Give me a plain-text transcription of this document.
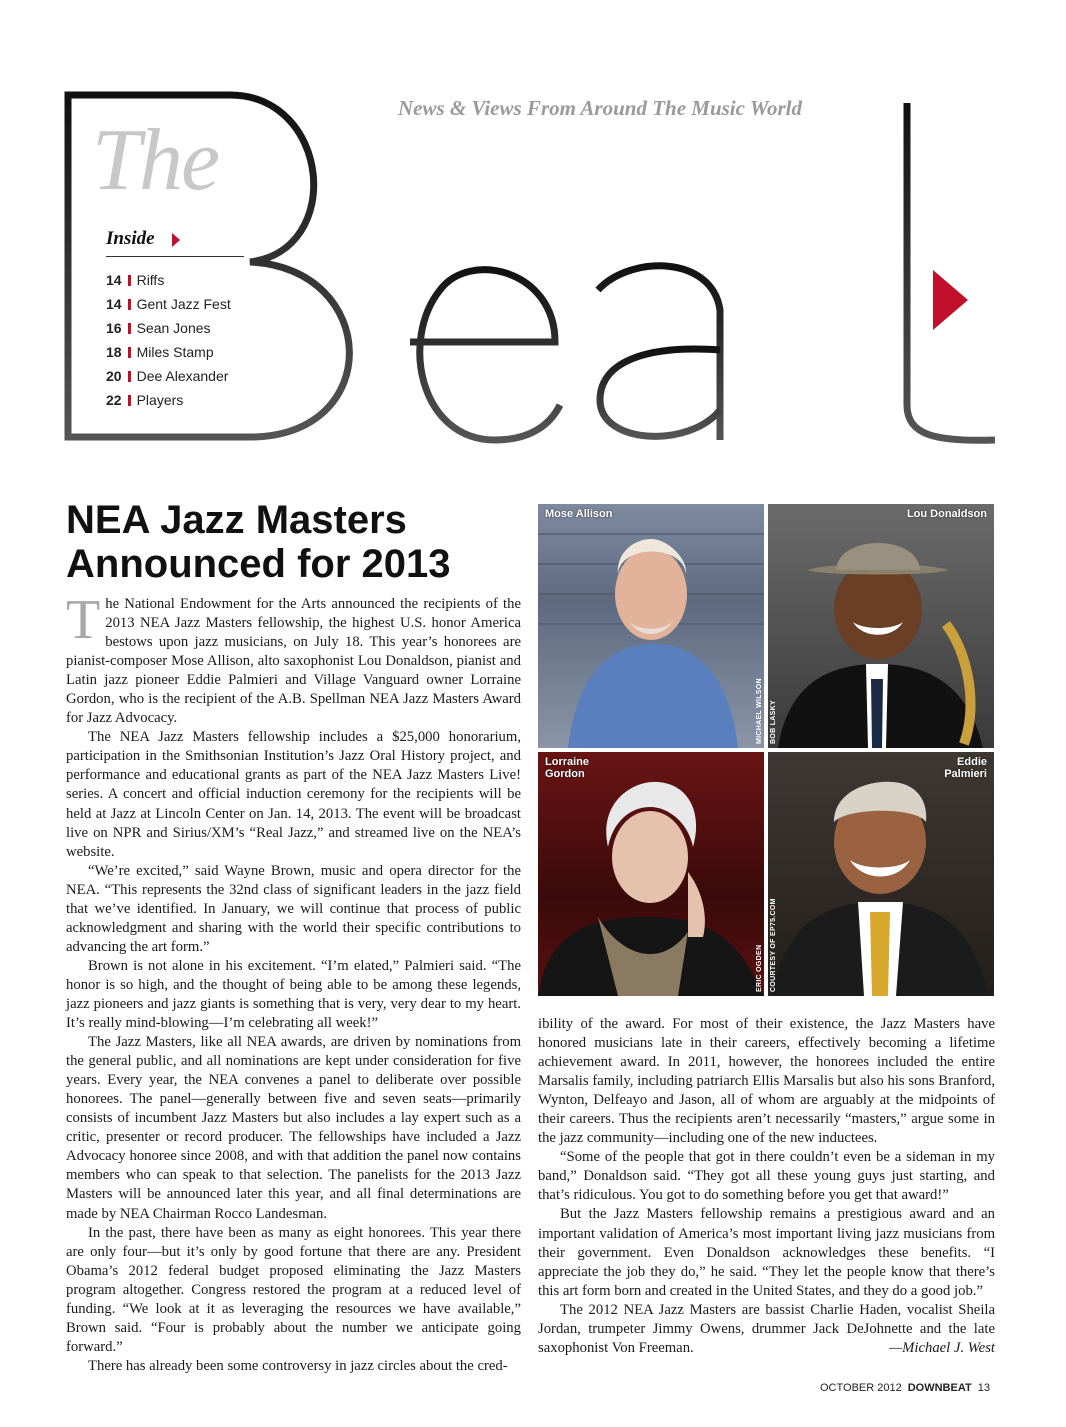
The
News & Views From Around The Music World
Inside
14 Riffs
14 Gent Jazz Fest
16 Sean Jones
18 Miles Stamp
20 Dee Alexander
22 Players
NEA Jazz Masters
Announced for 2013

The National Endowment for the Arts announced the recipients of the 2013 NEA Jazz Masters fellowship, the highest U.S. honor America bestows upon jazz musicians, on July 18. This year’s honorees are pianist-composer Mose Allison, alto saxophonist Lou Donaldson, pianist and Latin jazz pioneer Eddie Palmieri and Village Vanguard owner Lorraine Gordon, who is the recipient of the A.B. Spellman NEA Jazz Masters Award for Jazz Advocacy.

The NEA Jazz Masters fellowship includes a $25,000 honorarium, participation in the Smithsonian Institution’s Jazz Oral History project, and performance and educational grants as part of the NEA Jazz Masters Live! series. A concert and official induction ceremony for the recipients will be held at Jazz at Lincoln Center on Jan. 14, 2013. The event will be broadcast live on NPR and Sirius/XM’s “Real Jazz,” and streamed live on the NEA’s website.

“We’re excited,” said Wayne Brown, music and opera director for the NEA. “This represents the 32nd class of significant leaders in the jazz field that we’ve identified. In January, we will continue that process of public acknowledgment and sharing with the world their specific contributions to advancing the art form.”

Brown is not alone in his excitement. “I’m elated,” Palmieri said. “The honor is so high, and the thought of being able to be among these legends, jazz pioneers and jazz giants is something that is very, very dear to my heart. It’s really mind-blowing—I’m celebrating all week!”

The Jazz Masters, like all NEA awards, are driven by nominations from the general public, and all nominations are kept under consideration for five years. Every year, the NEA convenes a panel to deliberate over possible honorees. The panel—generally between five and seven seats—primarily consists of incumbent Jazz Masters but also includes a lay expert such as a critic, presenter or record producer. The fellowships have included a Jazz Advocacy honoree since 2008, and with that addition the panel now contains members who can speak to that selection. The panelists for the 2013 Jazz Masters will be announced later this year, and all final determinations are made by NEA Chairman Rocco Landesman.

In the past, there have been as many as eight honorees. This year there are only four—but it’s only by good fortune that there are any. President Obama’s 2012 federal budget proposed eliminating the Jazz Masters program altogether. Congress restored the program at a reduced level of funding. “We look at it as leveraging the resources we have available,” Brown said. “Four is probably about the number we anticipate going forward.”

There has already been some controversy in jazz circles about the cred-

Mose Allison
MICHAEL WILSON
Lou Donaldson
BOB LASKY
Lorraine
Gordon
ERIC OGDEN
Eddie
Palmieri
COURTESY OF EP75.COM

ibility of the award. For most of their existence, the Jazz Masters have honored musicians late in their careers, effectively becoming a lifetime achievement award. In 2011, however, the honorees included the entire Marsalis family, including patriarch Ellis Marsalis but also his sons Branford, Wynton, Delfeayo and Jason, all of whom are arguably at the midpoints of their careers. Thus the recipients aren’t necessarily “masters,” argue some in the jazz community—including one of the new inductees.

“Some of the people that got in there couldn’t even be a sideman in my band,” Donaldson said. “They got all these young guys just starting, and that’s ridiculous. You got to do something before you get that award!”

But the Jazz Masters fellowship remains a prestigious award and an important validation of America’s most important living jazz musicians from their government. Even Donaldson acknowledges these benefits. “I appreciate the job they do,” he said. “They let the people know that there’s this art form born and created in the United States, and they do a good job.”

The 2012 NEA Jazz Masters are bassist Charlie Haden, vocalist Sheila Jordan, trumpeter Jimmy Owens, drummer Jack DeJohnette and the late saxophonist Von Freeman.	—Michael J. West

OCTOBER 2012 DOWNBEAT 13
